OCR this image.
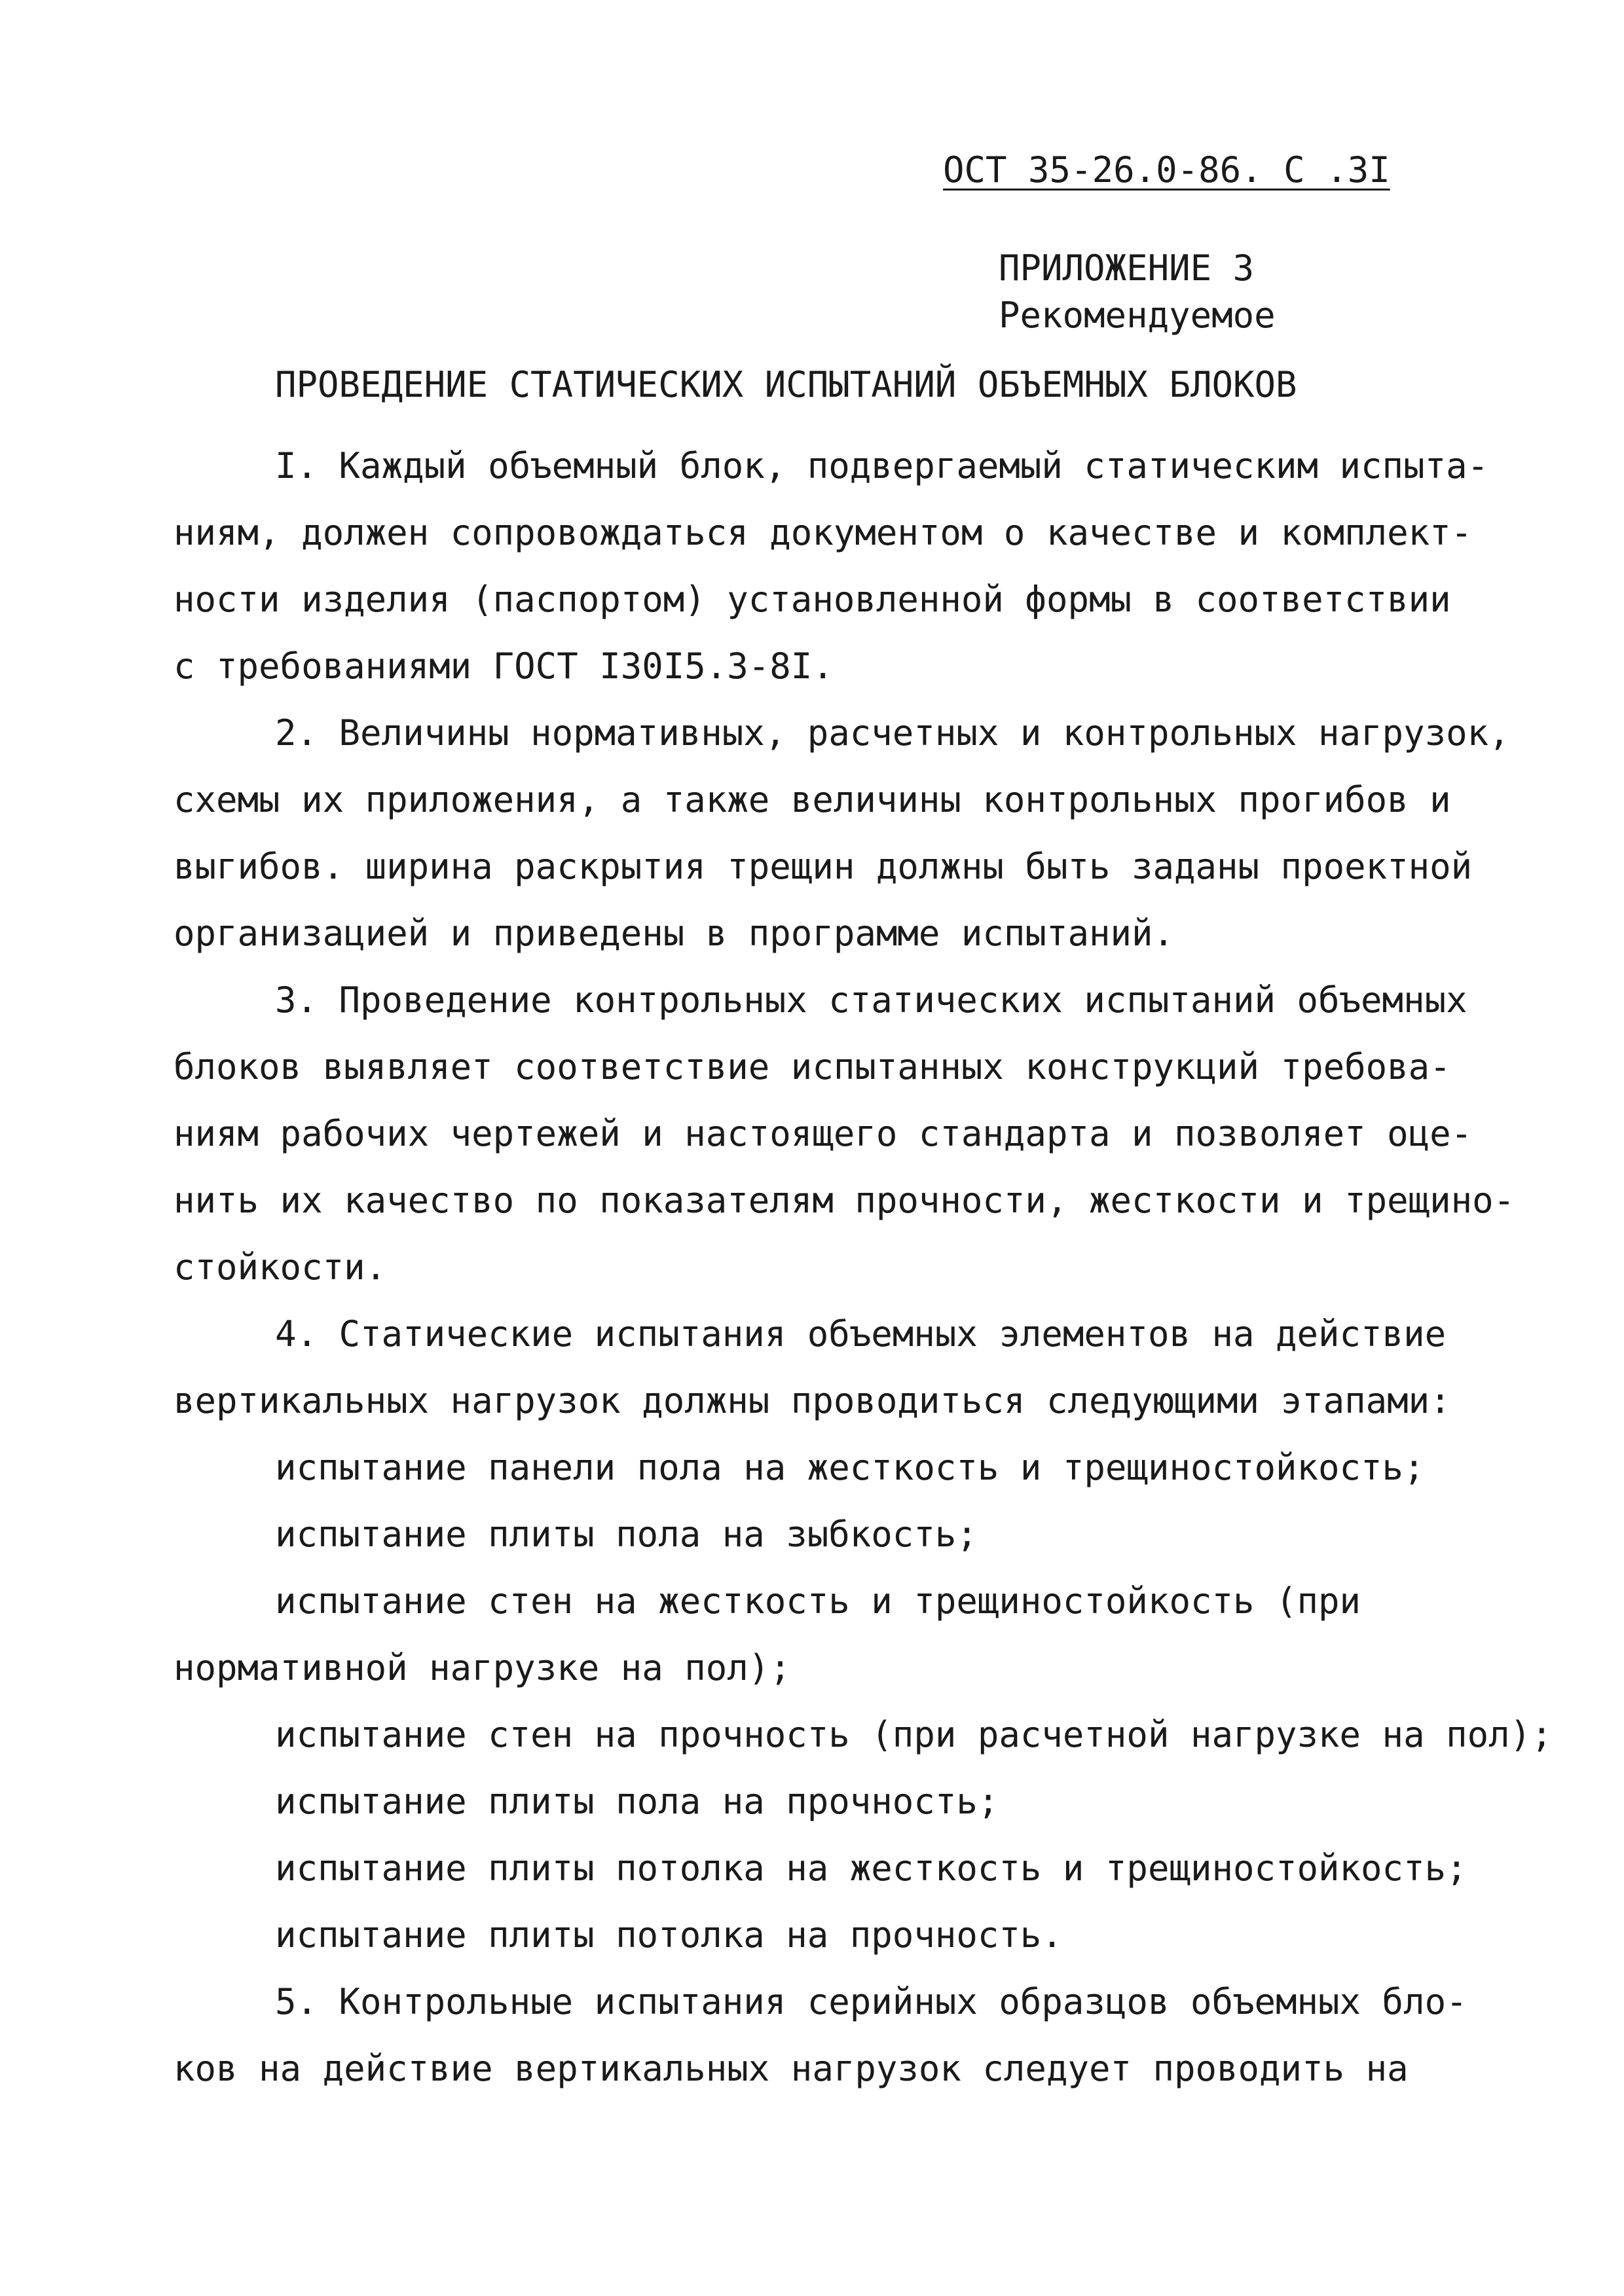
ОСТ 35-26.0-86. С .3I
ПРИЛОЖЕНИЕ 3
Рекомендуемое
ПРОВЕДЕНИЕ СТАТИЧЕСКИХ ИСПЫТАНИЙ ОБЪЕМНЫХ БЛОКОВ
I. Каждый объемный блок, подвергаемый статическим испыта-
ниям, должен сопровождаться документом о качестве и комплект-
ности изделия (паспортом) установленной формы в соответствии
с требованиями ГОСТ I30I5.3-8I.
2. Величины нормативных, расчетных и контрольных нагрузок,
схемы их приложения, а также величины контрольных прогибов и
выгибов. ширина раскрытия трещин должны быть заданы проектной
организацией и приведены в программе испытаний.
3. Проведение контрольных статических испытаний объемных
блоков выявляет соответствие испытанных конструкций требова-
ниям рабочих чертежей и настоящего стандарта и позволяет оце-
нить их качество по показателям прочности, жесткости и трещино-
стойкости.
4. Статические испытания объемных элементов на действие
вертикальных нагрузок должны проводиться следующими этапами:
испытание панели пола на жесткость и трещиностойкость;
испытание плиты пола на зыбкость;
испытание стен на жесткость и трещиностойкость (при
нормативной нагрузке на пол);
испытание стен на прочность (при расчетной нагрузке на пол);
испытание плиты пола на прочность;
испытание плиты потолка на жесткость и трещиностойкость;
испытание плиты потолка на прочность.
5. Контрольные испытания серийных образцов объемных бло-
ков на действие вертикальных нагрузок следует проводить на
